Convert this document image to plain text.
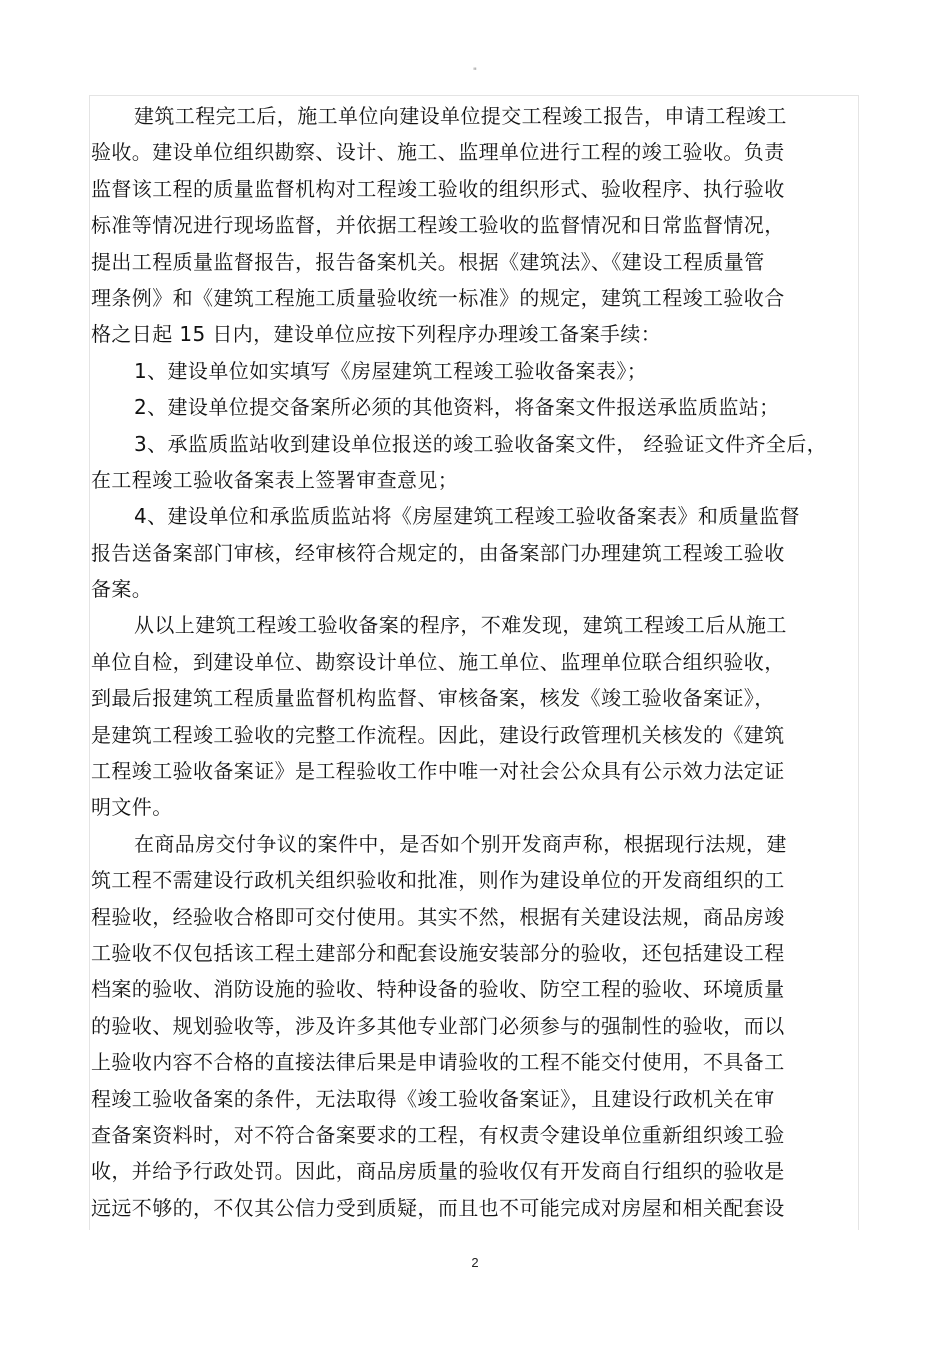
"
建筑工程完工后，施工单位向建设单位提交工程竣工报告，申请工程竣工
验收。建设单位组织勘察、设计、施工、监理单位进行工程的竣工验收。负责
监督该工程的质量监督机构对工程竣工验收的组织形式、验收程序、执行验收
标准等情况进行现场监督，并依据工程竣工验收的监督情况和日常监督情况，
提出工程质量监督报告，报告备案机关。根据《建筑法》、《建设工程质量管
理条例》和《建筑工程施工质量验收统一标准》的规定，建筑工程竣工验收合
格之日起 15 日内，建设单位应按下列程序办理竣工备案手续：
1、建设单位如实填写《房屋建筑工程竣工验收备案表》；
2、建设单位提交备案所必须的其他资料，将备案文件报送承监质监站；
3、承监质监站收到建设单位报送的竣工验收备案文件， 经验证文件齐全后，
在工程竣工验收备案表上签署审查意见；
4、建设单位和承监质监站将《房屋建筑工程竣工验收备案表》和质量监督
报告送备案部门审核，经审核符合规定的，由备案部门办理建筑工程竣工验收
备案。
从以上建筑工程竣工验收备案的程序，不难发现，建筑工程竣工后从施工
单位自检，到建设单位、勘察设计单位、施工单位、监理单位联合组织验收，
到最后报建筑工程质量监督机构监督、审核备案，核发《竣工验收备案证》，
是建筑工程竣工验收的完整工作流程。因此，建设行政管理机关核发的《建筑
工程竣工验收备案证》是工程验收工作中唯一对社会公众具有公示效力法定证
明文件。
在商品房交付争议的案件中，是否如个别开发商声称，根据现行法规，建
筑工程不需建设行政机关组织验收和批准，则作为建设单位的开发商组织的工
程验收，经验收合格即可交付使用。其实不然，根据有关建设法规，商品房竣
工验收不仅包括该工程土建部分和配套设施安装部分的验收，还包括建设工程
档案的验收、消防设施的验收、特种设备的验收、防空工程的验收、环境质量
的验收、规划验收等，涉及许多其他专业部门必须参与的强制性的验收，而以
上验收内容不合格的直接法律后果是申请验收的工程不能交付使用，不具备工
程竣工验收备案的条件，无法取得《竣工验收备案证》，且建设行政机关在审
查备案资料时，对不符合备案要求的工程，有权责令建设单位重新组织竣工验
收，并给予行政处罚。因此，商品房质量的验收仅有开发商自行组织的验收是
远远不够的，不仅其公信力受到质疑，而且也不可能完成对房屋和相关配套设
2
